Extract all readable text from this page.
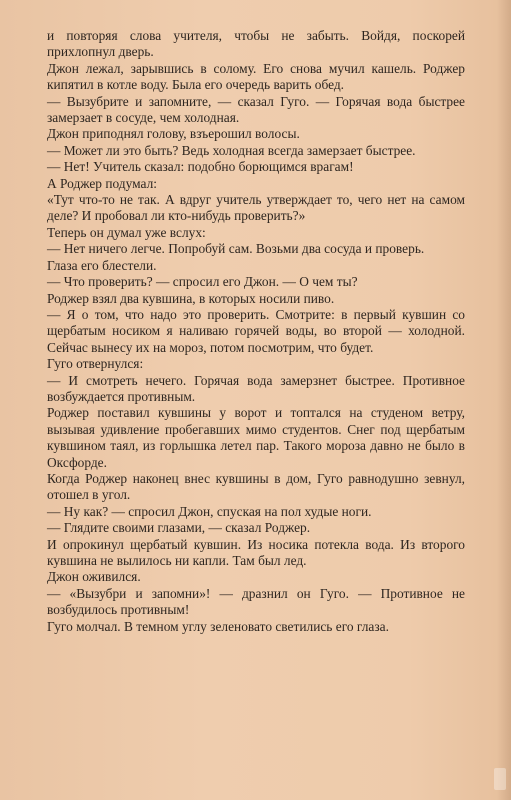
и повторяя слова учителя, чтобы не забыть. Войдя, поскорей прихлопнул дверь.

Джон лежал, зарывшись в солому. Его снова мучил кашель. Роджер кипятил в котле воду. Была его очередь варить обед.

— Вызубрите и запомните, — сказал Гуго. — Горячая вода быстрее замерзает в сосуде, чем холодная.

Джон приподнял голову, взъерошил волосы.

— Может ли это быть? Ведь холодная всегда замерзает быстрее.

— Нет! Учитель сказал: подобно борющимся врагам!

А Роджер подумал:

«Тут что-то не так. А вдруг учитель утверждает то, чего нет на самом деле? И пробовал ли кто-нибудь проверить?»

Теперь он думал уже вслух:

— Нет ничего легче. Попробуй сам. Возьми два сосуда и проверь.

Глаза его блестели.

— Что проверить? — спросил его Джон. — О чем ты?

Роджер взял два кувшина, в которых носили пиво.

— Я о том, что надо это проверить. Смотрите: в первый кувшин со щербатым носиком я наливаю горячей воды, во второй — холодной. Сейчас вынесу их на мороз, потом посмотрим, что будет.

Гуго отвернулся:

— И смотреть нечего. Горячая вода замерзнет быстрее. Противное возбуждается противным.

Роджер поставил кувшины у ворот и топтался на студеном ветру, вызывая удивление пробегавших мимо студентов. Снег под щербатым кувшином таял, из горлышка летел пар. Такого мороза давно не было в Оксфорде.

Когда Роджер наконец внес кувшины в дом, Гуго равнодушно зевнул, отошел в угол.

— Ну как? — спросил Джон, спуская на пол худые ноги.

— Глядите своими глазами, — сказал Роджер.

И опрокинул щербатый кувшин. Из носика потекла вода. Из второго кувшина не вылилось ни капли. Там был лед.

Джон оживился.

— «Вызубри и запомни»! — дразнил он Гуго. — Противное не возбудилось противным!

Гуго молчал. В темном углу зеленовато светились его глаза.
